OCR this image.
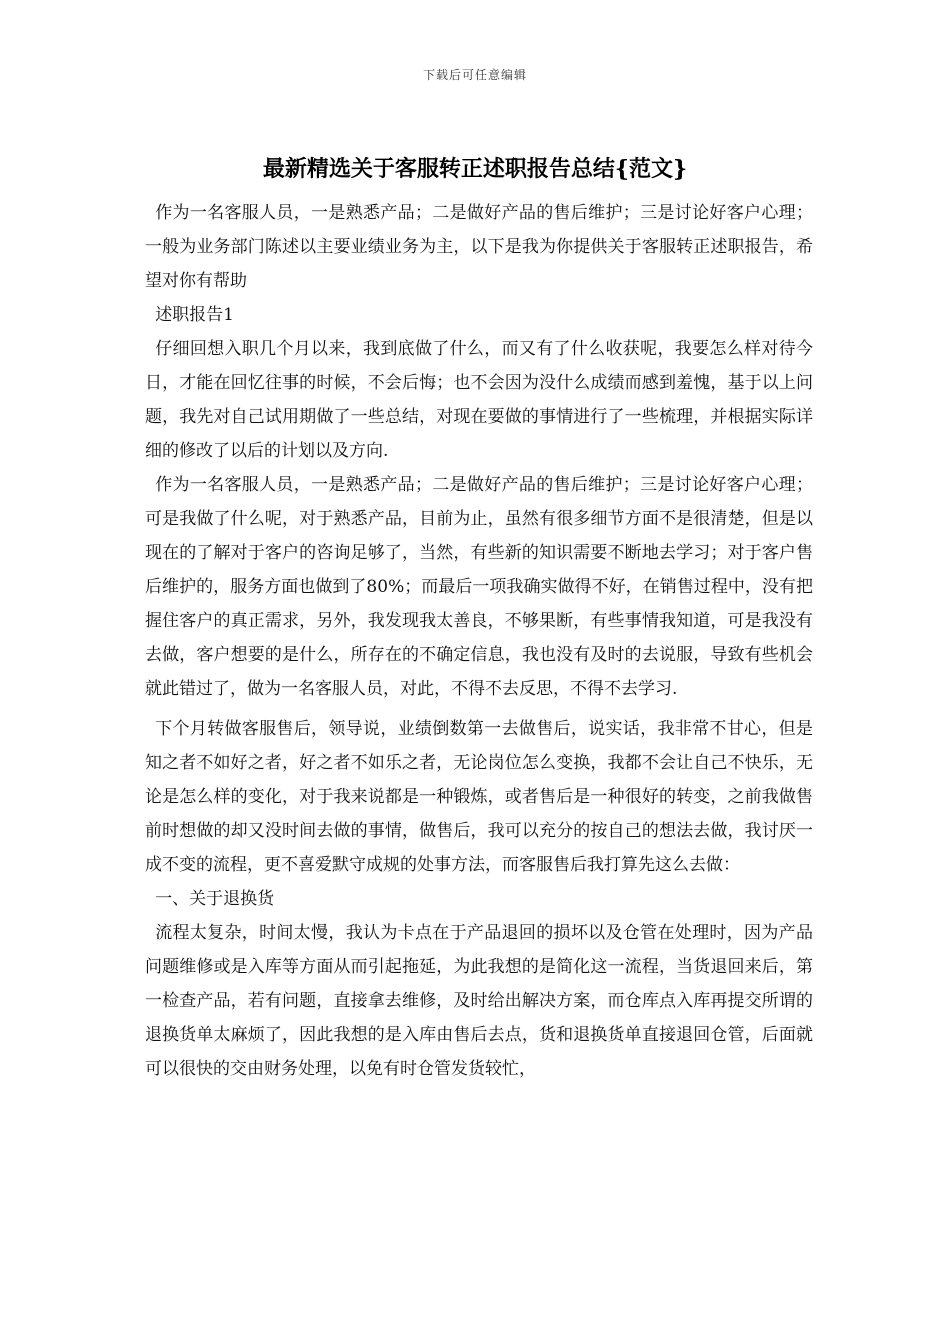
下载后可任意编辑
最新精选关于客服转正述职报告总结{范文}

作为一名客服人员，一是熟悉产品；二是做好产品的售后维护；三是讨论好客户心理；一般为业务部门陈述以主要业绩业务为主，以下是我为你提供关于客服转正述职报告，希望对你有帮助

述职报告1

仔细回想入职几个月以来，我到底做了什么，而又有了什么收获呢，我要怎么样对待今日，才能在回忆往事的时候，不会后悔；也不会因为没什么成绩而感到羞愧，基于以上问题，我先对自己试用期做了一些总结，对现在要做的事情进行了一些梳理，并根据实际详细的修改了以后的计划以及方向.

作为一名客服人员，一是熟悉产品；二是做好产品的售后维护；三是讨论好客户心理；可是我做了什么呢，对于熟悉产品，目前为止，虽然有很多细节方面不是很清楚，但是以现在的了解对于客户的咨询足够了，当然，有些新的知识需要不断地去学习；对于客户售后维护的，服务方面也做到了80%；而最后一项我确实做得不好，在销售过程中，没有把握住客户的真正需求，另外，我发现我太善良，不够果断，有些事情我知道，可是我没有去做，客户想要的是什么，所存在的不确定信息，我也没有及时的去说服，导致有些机会就此错过了，做为一名客服人员，对此，不得不去反思，不得不去学习.

下个月转做客服售后，领导说，业绩倒数第一去做售后，说实话，我非常不甘心，但是知之者不如好之者，好之者不如乐之者，无论岗位怎么变换，我都不会让自己不快乐，无论是怎么样的变化，对于我来说都是一种锻炼，或者售后是一种很好的转变，之前我做售前时想做的却又没时间去做的事情，做售后，我可以充分的按自己的想法去做，我讨厌一成不变的流程，更不喜爱默守成规的处事方法，而客服售后我打算先这么去做：

一、关于退换货

流程太复杂，时间太慢，我认为卡点在于产品退回的损坏以及仓管在处理时，因为产品问题维修或是入库等方面从而引起拖延，为此我想的是简化这一流程，当货退回来后，第一检查产品，若有问题，直接拿去维修，及时给出解决方案，而仓库点入库再提交所谓的退换货单太麻烦了，因此我想的是入库由售后去点，货和退换货单直接退回仓管，后面就可以很快的交由财务处理，以免有时仓管发货较忙，
